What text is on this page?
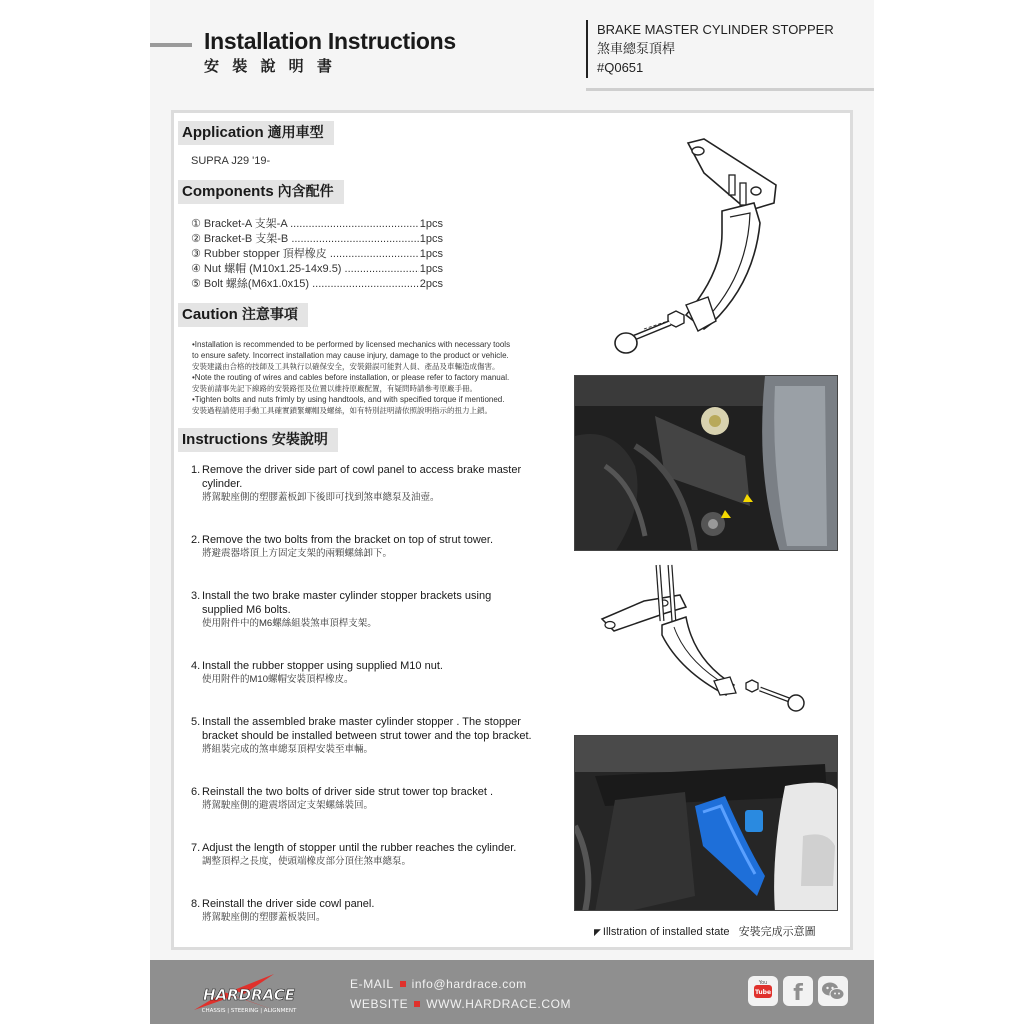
Installation Instructions
安 裝 說 明 書
BRAKE MASTER CYLINDER STOPPER
煞車總泵頂桿
#Q0651
Application 適用車型
SUPRA J29 '19-
Components 內含配件
① Bracket-A 支架-A .....	1pcs
② Bracket-B 支架-B .....	1pcs
③ Rubber stopper 頂桿橡皮 .....	1pcs
④ Nut 螺帽 (M10x1.25-14x9.5) .....	1pcs
⑤ Bolt 螺絲(M6x1.0x15) .....	2pcs
Caution 注意事項
•Installation is recommended to be performed by licensed mechanics with necessary tools
to ensure safety. Incorrect installation may cause injury, damage to the product or vehicle.
安裝建議由合格的技師及工具執行以確保安全，安裝錯誤可能對人員、產品及車輛造成傷害。
•Note the routing of wires and cables before installation, or please refer to factory manual.
安裝前請事先記下線路的安裝路徑及位置以維持原廠配置，有疑問時請參考原廠手冊。
•Tighten bolts and nuts frimly by using handtools, and with specified torque if mentioned.
安裝過程請使用手動工具確實鎖緊螺帽及螺絲，如有特別註明請依照說明指示的扭力上鎖。
Instructions 安裝說明
1. Remove the driver side part of cowl panel to access brake master
cylinder.
將駕駛座側的塑膠蓋板卸下後即可找到煞車總泵及油壺。
2. Remove the two bolts from the bracket on top of strut tower.
將避震器塔頂上方固定支架的兩顆螺絲卸下。
3. Install the two brake master cylinder stopper brackets using
supplied M6 bolts.
使用附件中的M6螺絲組裝煞車頂桿支架。
4. Install the rubber stopper using supplied M10 nut.
使用附件的M10螺帽安裝頂桿橡皮。
5. Install the assembled brake master cylinder stopper . The stopper
bracket should be installed between strut tower and the top bracket.
將組裝完成的煞車總泵頂桿安裝至車輛。
6. Reinstall the two bolts of driver side strut tower top bracket .
將駕駛座側的避震塔固定支架螺絲裝回。
7. Adjust the length of stopper until the rubber reaches the cylinder.
調整頂桿之長度，使頭端橡皮部分頂住煞車總泵。
8. Reinstall the driver side cowl panel.
將駕駛座側的塑膠蓋板裝回。
◤ Illstration of installed state 安裝完成示意圖
HARDRACE
CHASSIS | STEERING | ALIGNMENT
E-MAIL info@hardrace.com
WEBSITE WWW.HARDRACE.COM
Tube
You f
